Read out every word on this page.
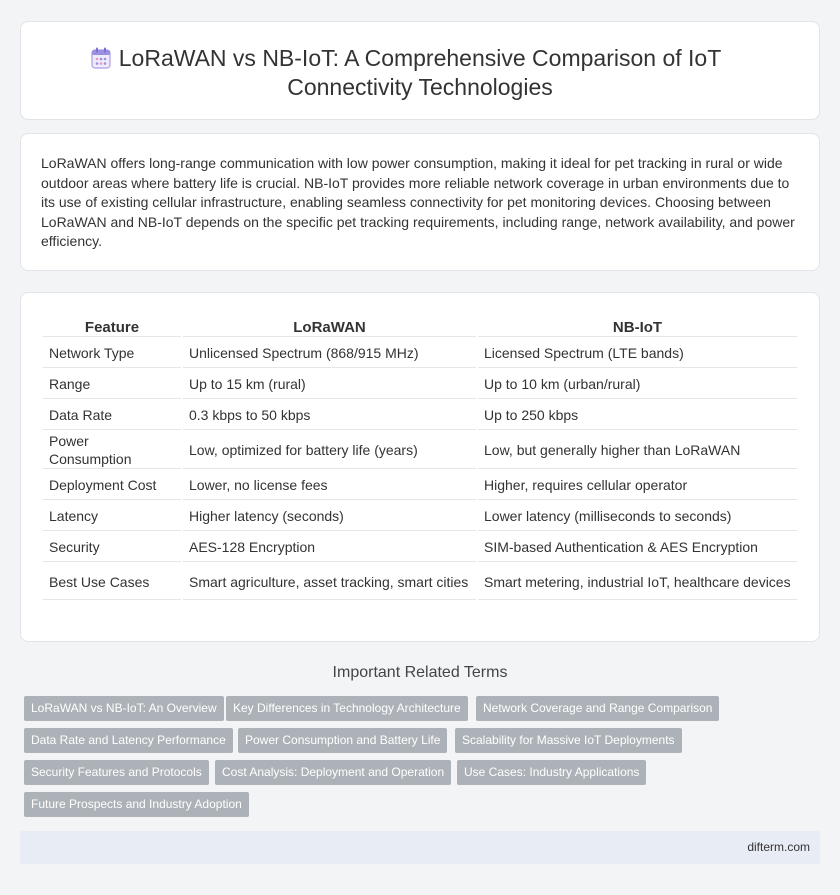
LoRaWAN vs NB-IoT: A Comprehensive Comparison of IoT Connectivity Technologies

LoRaWAN offers long-range communication with low power consumption, making it ideal for pet tracking in rural or wide outdoor areas where battery life is crucial. NB-IoT provides more reliable network coverage in urban environments due to its use of existing cellular infrastructure, enabling seamless connectivity for pet monitoring devices. Choosing between LoRaWAN and NB-IoT depends on the specific pet tracking requirements, including range, network availability, and power efficiency.

Feature	LoRaWAN	NB-IoT
Network Type	Unlicensed Spectrum (868/915 MHz)	Licensed Spectrum (LTE bands)
Range	Up to 15 km (rural)	Up to 10 km (urban/rural)
Data Rate	0.3 kbps to 50 kbps	Up to 250 kbps
Power Consumption	Low, optimized for battery life (years)	Low, but generally higher than LoRaWAN
Deployment Cost	Lower, no license fees	Higher, requires cellular operator
Latency	Higher latency (seconds)	Lower latency (milliseconds to seconds)
Security	AES-128 Encryption	SIM-based Authentication & AES Encryption
Best Use Cases	Smart agriculture, asset tracking, smart cities	Smart metering, industrial IoT, healthcare devices
Important Related Terms
LoRaWAN vs NB-IoT: An Overview	Key Differences in Technology Architecture	Network Coverage and Range Comparison
Data Rate and Latency Performance	Power Consumption and Battery Life	Scalability for Massive IoT Deployments
Security Features and Protocols	Cost Analysis: Deployment and Operation	Use Cases: Industry Applications
Future Prospects and Industry Adoption
difterm.com
